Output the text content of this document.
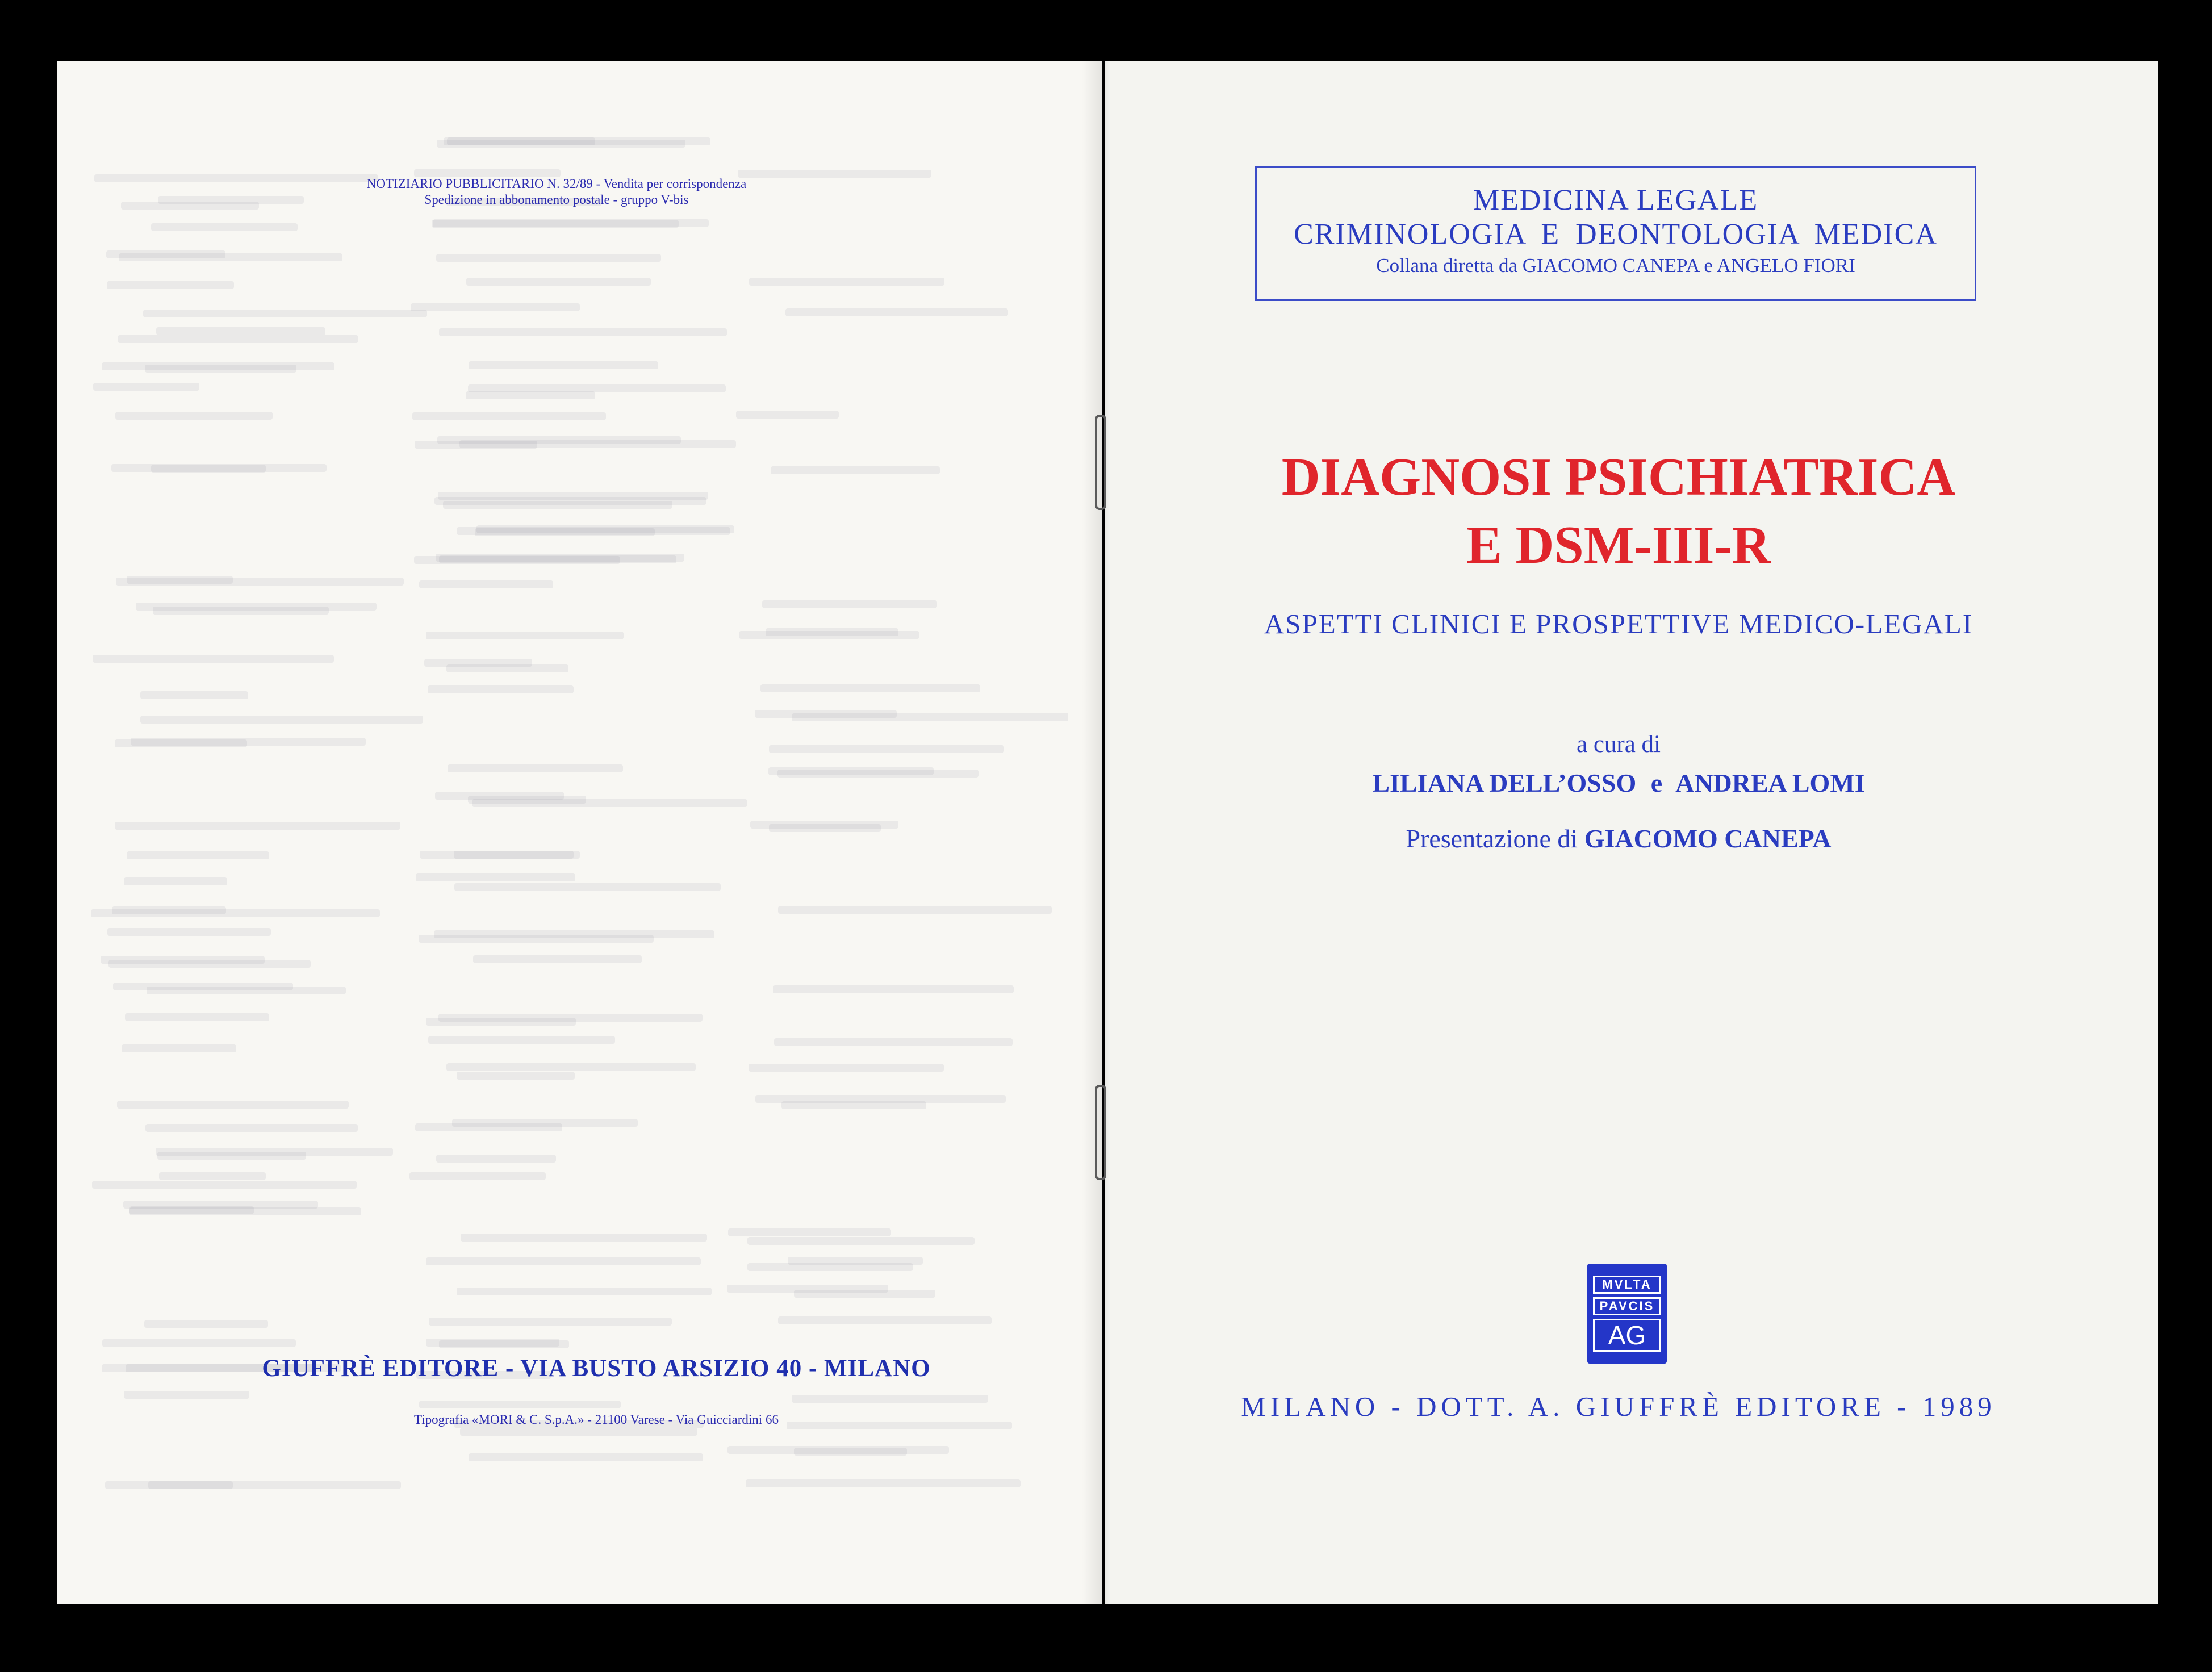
NOTIZIARIO PUBBLICITARIO N. 32/89 - Vendita per corrispondenza
Spedizione in abbonamento postale - gruppo V-bis
GIUFFRÈ EDITORE - VIA BUSTO ARSIZIO 40 - MILANO
Tipografia «MORI & C. S.p.A.» - 21100 Varese - Via Guicciardini 66
MEDICINA LEGALE
CRIMINOLOGIA E DEONTOLOGIA MEDICA
Collana diretta da GIACOMO CANEPA e ANGELO FIORI
DIAGNOSI PSICHIATRICA
E DSM-III-R
ASPETTI CLINICI E PROSPETTIVE MEDICO-LEGALI
a cura di
LILIANA DELL’OSSO e ANDREA LOMI
Presentazione di GIACOMO CANEPA
MVLTA
PAVCIS
AG
MILANO - DOTT. A. GIUFFRÈ EDITORE - 1989
